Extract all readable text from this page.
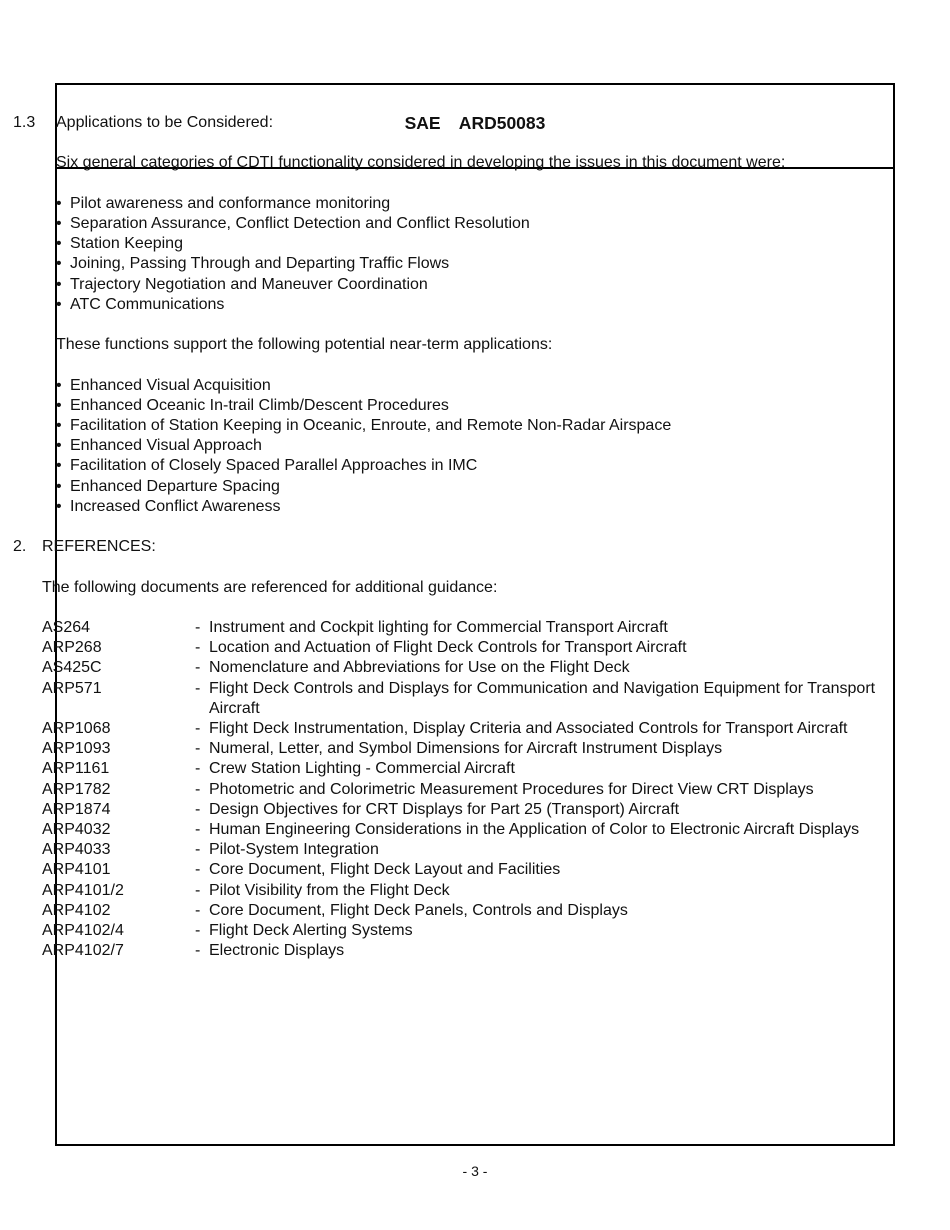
SAE ARD50083
1.3 Applications to be Considered:
Six general categories of CDTI functionality considered in developing the issues in this document were:
• Pilot awareness and conformance monitoring
• Separation Assurance, Conflict Detection and Conflict Resolution
• Station Keeping
• Joining, Passing Through and Departing Traffic Flows
• Trajectory Negotiation and Maneuver Coordination
• ATC Communications
These functions support the following potential near-term applications:
• Enhanced Visual Acquisition
• Enhanced Oceanic In-trail Climb/Descent Procedures
• Facilitation of Station Keeping in Oceanic, Enroute, and Remote Non-Radar Airspace
• Enhanced Visual Approach
• Facilitation of Closely Spaced Parallel Approaches in IMC
• Enhanced Departure Spacing
• Increased Conflict Awareness
2. REFERENCES:
The following documents are referenced for additional guidance:
AS264	- Instrument and Cockpit lighting for Commercial Transport Aircraft
ARP268	- Location and Actuation of Flight Deck Controls for Transport Aircraft
AS425C	- Nomenclature and Abbreviations for Use on the Flight Deck
ARP571	- Flight Deck Controls and Displays for Communication and Navigation Equipment for Transport Aircraft
ARP1068	- Flight Deck Instrumentation, Display Criteria and Associated Controls for Transport Aircraft
ARP1093	- Numeral, Letter, and Symbol Dimensions for Aircraft Instrument Displays
ARP1161	- Crew Station Lighting - Commercial Aircraft
ARP1782	- Photometric and Colorimetric Measurement Procedures for Direct View CRT Displays
ARP1874	- Design Objectives for CRT Displays for Part 25 (Transport) Aircraft
ARP4032	- Human Engineering Considerations in the Application of Color to Electronic Aircraft Displays
ARP4033	- Pilot-System Integration
ARP4101	- Core Document, Flight Deck Layout and Facilities
ARP4101/2	- Pilot Visibility from the Flight Deck
ARP4102	- Core Document, Flight Deck Panels, Controls and Displays
ARP4102/4	- Flight Deck Alerting Systems
ARP4102/7	- Electronic Displays
- 3 -
